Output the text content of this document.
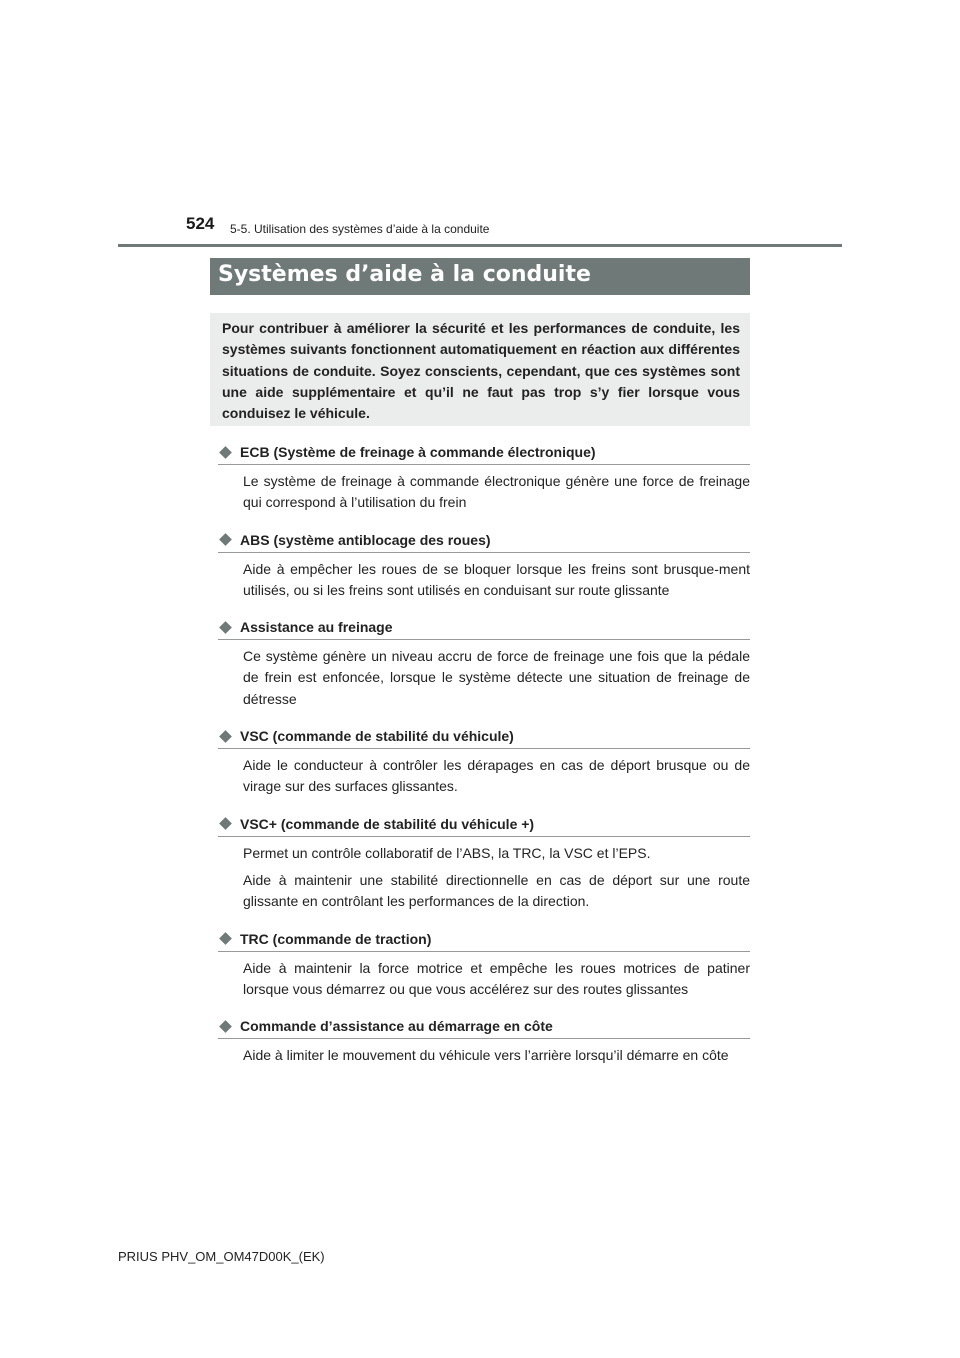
524 5-5. Utilisation des systèmes d’aide à la conduite
Systèmes d’aide à la conduite

Pour contribuer à améliorer la sécurité et les performances de conduite, les systèmes suivants fonctionnent automatiquement en réaction aux différentes situations de conduite. Soyez conscients, cependant, que ces systèmes sont une aide supplémentaire et qu’il ne faut pas trop s’y fier lorsque vous conduisez le véhicule.

ECB (Système de freinage à commande électronique)

Le système de freinage à commande électronique génère une force de freinage qui correspond à l’utilisation du frein

ABS (système antiblocage des roues)

Aide à empêcher les roues de se bloquer lorsque les freins sont brusque-ment utilisés, ou si les freins sont utilisés en conduisant sur route glissante

Assistance au freinage

Ce système génère un niveau accru de force de freinage une fois que la pédale de frein est enfoncée, lorsque le système détecte une situation de freinage de détresse

VSC (commande de stabilité du véhicule)

Aide le conducteur à contrôler les dérapages en cas de déport brusque ou de virage sur des surfaces glissantes.

VSC+ (commande de stabilité du véhicule +)

Permet un contrôle collaboratif de l’ABS, la TRC, la VSC et l’EPS.

Aide à maintenir une stabilité directionnelle en cas de déport sur une route glissante en contrôlant les performances de la direction.

TRC (commande de traction)

Aide à maintenir la force motrice et empêche les roues motrices de patiner lorsque vous démarrez ou que vous accélérez sur des routes glissantes

Commande d’assistance au démarrage en côte

Aide à limiter le mouvement du véhicule vers l’arrière lorsqu’il démarre en côte

PRIUS PHV_OM_OM47D00K_(EK)
